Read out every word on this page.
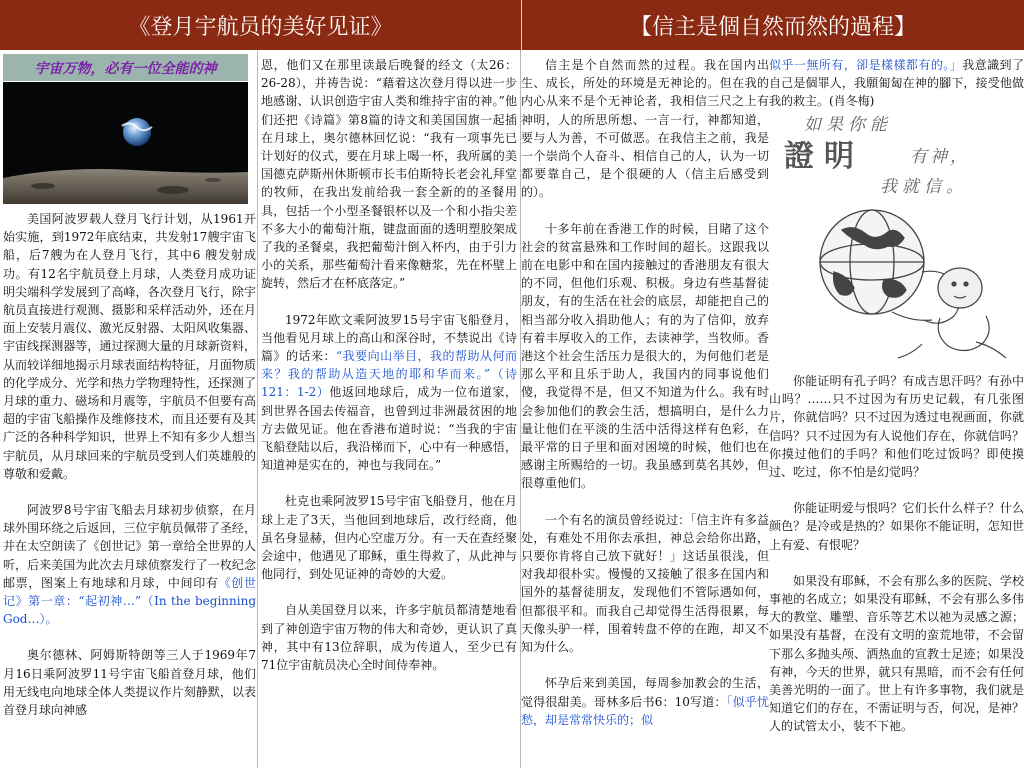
《登月宇航员的美好见证》	【信主是個自然而然的過程】
宇宙万物，必有一位全能的神

美国阿波罗载人登月飞行计划，从1961开始实施，到1972年底结束，共发射17艘宇宙飞船，后7艘为在人登月飞行，其中6 艘发射成功。有12名宇航员登上月球，人类登月成功证明尖端科学发展到了高峰，各次登月飞行，除宇航员直接进行观测、摄影和采样活动外，还在月面上安装月震仪、激光反射器、太阳风收集器、宇宙线探测器等，通过探测大量的月球新资料，从而较详细地揭示月球表面结构特征，月面物质的化学成分、光学和热力学物理特性，还探测了月球的重力、磁场和月震等，宇航员不但要有高超的宇宙飞船操作及维修技术，而且还要有及其广泛的各种科学知识，世界上不知有多少人想当宇航员，从月球回来的宇航员受到人们英雄般的尊敬和爱戴。

阿波罗8号宇宙飞船去月球初步侦察，在月球外围环绕之后返回，三位宇航员佩带了圣经，并在太空朗读了《创世记》第一章给全世界的人听，后来美国为此次去月球侦察发行了一枚纪念邮票，图案上有地球和月球，中间印有《创世记》第一章：“起初神…”（In the beginning God…）。

奥尔德林、阿姆斯特朗等三人于1969年7月16日乘阿波罗11号宇宙飞船首登月球，他们用无线电向地球全体人类提议作片刻静默，以表首登月球向神感

恩，他们又在那里读最后晚餐的经文（太26：26-28），并祷告说：“藉着这次登月得以进一步地感谢、认识创造宇宙人类和维持宇宙的神。”他们还把《诗篇》第8篇的诗文和美国国旗一起插在月球上，奥尔德林回忆说：“我有一项事先已计划好的仪式，要在月球上喝一杯，我所属的美国德克萨斯州休斯顿市长韦伯斯特长老会礼拜堂的牧师，在我出发前给我一套全新的的圣餐用具，包括一个小型圣餐银杯以及一个和小指尖差不多大小的葡萄汁瓶，键盘面面的透明塑胶架成了我的圣餐桌，我把葡萄汁倒入杯内，由于引力小的关系，那些葡萄汁看来像糖浆，先在杯壁上旋转，然后才在杯底落定。”

1972年欧文乘阿波罗15号宇宙飞船登月，当他看见月球上的高山和深谷时，不禁说出《诗篇》的话来：“我要向山举目，我的帮助从何而来？我的帮助从造天地的耶和华而来。”（诗121：1-2）他返回地球后，成为一位布道家，到世界各国去传福音，也曾到过非洲最贫困的地方去做见证。他在香港布道时说：“当我的宇宙飞船登陆以后，我沿梯而下，心中有一种感悟，知道神是实在的，神也与我同在。”

杜克也乘阿波罗15号宇宙飞船登月，他在月球上走了3天，当他回到地球后，改行经商，他虽名身显赫，但内心空虚万分。有一天在查经聚会途中，他遇见了耶稣，重生得救了，从此神与他同行，到处见证神的奇妙的大爱。

自从美国登月以来，许多宇航员都清楚地看到了神创造宇宙万物的伟大和奇妙，更认识了真神，其中有13位辞职，成为传道人，至少已有71位宇宙航员决心全时间侍奉神。

信主是个自然而然的过程。我在国内出生、成长，所处的环境是无神论的。但在我的内心从来不是个无神论者，我相信三尺之上有神明，人的所思所想、一言一行，神都知道，要与人为善，不可做恶。在我信主之前，我是一个崇尚个人奋斗、相信自己的人，认为一切都要靠自己，是个很硬的人（信主后感受到的）。

十多年前在香港工作的时候，目睹了这个社会的贫富悬殊和工作时间的超长。这跟我以前在电影中和在国内接触过的香港朋友有很大的不同，但他们乐观、积极。身边有些基督徒朋友，有的生活在社会的底层，却能把自己的相当部分收入捐助他人；有的为了信仰，放弃有着丰厚收入的工作，去读神学，当牧师。香港这个社会生活压力是很大的，为何他们老是那么平和且乐于助人，我国内的同事说他们傻，我觉得不是，但又不知道为什么。我有时会参加他们的教会生活，想搞明白，是什么力量让他们在平淡的生活中活得这样有色彩，在最平常的日子里和面对困境的时候，他们也在感谢主所赐给的一切。我虽感到莫名其妙，但很尊重他们。

一个有名的演员曾经说过：「信主许有多益处，有难处不用你去承担，神总会给你出路，只要你肯将自己放下就好！」这话虽很浅，但对我却很朴实。慢慢的又接触了很多在国内和国外的基督徒朋友，发现他们不管际遇如何，但都很平和。而我自己却觉得生活得很累，每天像头驴一样，围着转盘不停的在跑，却又不知为什么。

怀孕后来到美国，每周参加教会的生活，觉得很甜美。哥林多后书6：10写道：「似乎忧愁，却是常常快乐的；似

似乎一無所有，卻是樣樣都有的。」我意識到了自己是個罪人，我願匍匐在神的腳下，接受他做我的救主。(肖冬梅)

如果你能
證明	有神，
我就信。

你能证明有孔子吗？有成吉思汗吗？有孙中山吗？……只不过因为有历史记载，有几张图片，你就信吗？只不过因为透过电视画面，你就信吗？只不过因为有人说他们存在，你就信吗？你摸过他们的手吗？和他们吃过饭吗？即使摸过、吃过，你不怕是幻觉吗？

你能证明爱与恨吗？它们长什么样子？什么颜色？是冷或是热的？如果你不能证明，怎知世上有爱、有恨呢？

如果没有耶稣，不会有那么多的医院、学校事祂的名成立；如果没有耶稣，不会有那么多伟大的教堂、雕塑、音乐等艺术以祂为灵感之源；如果没有基督，在没有文明的蛮荒地带，不会留下那么多抛头颅、洒热血的宣教士足迹；如果没有神，今天的世界，就只有黑暗，而不会有任何美善光明的一面了。世上有许多事物，我们就是知道它们的存在，不需证明与否，何况，是神？人的试管太小，装不下祂。
